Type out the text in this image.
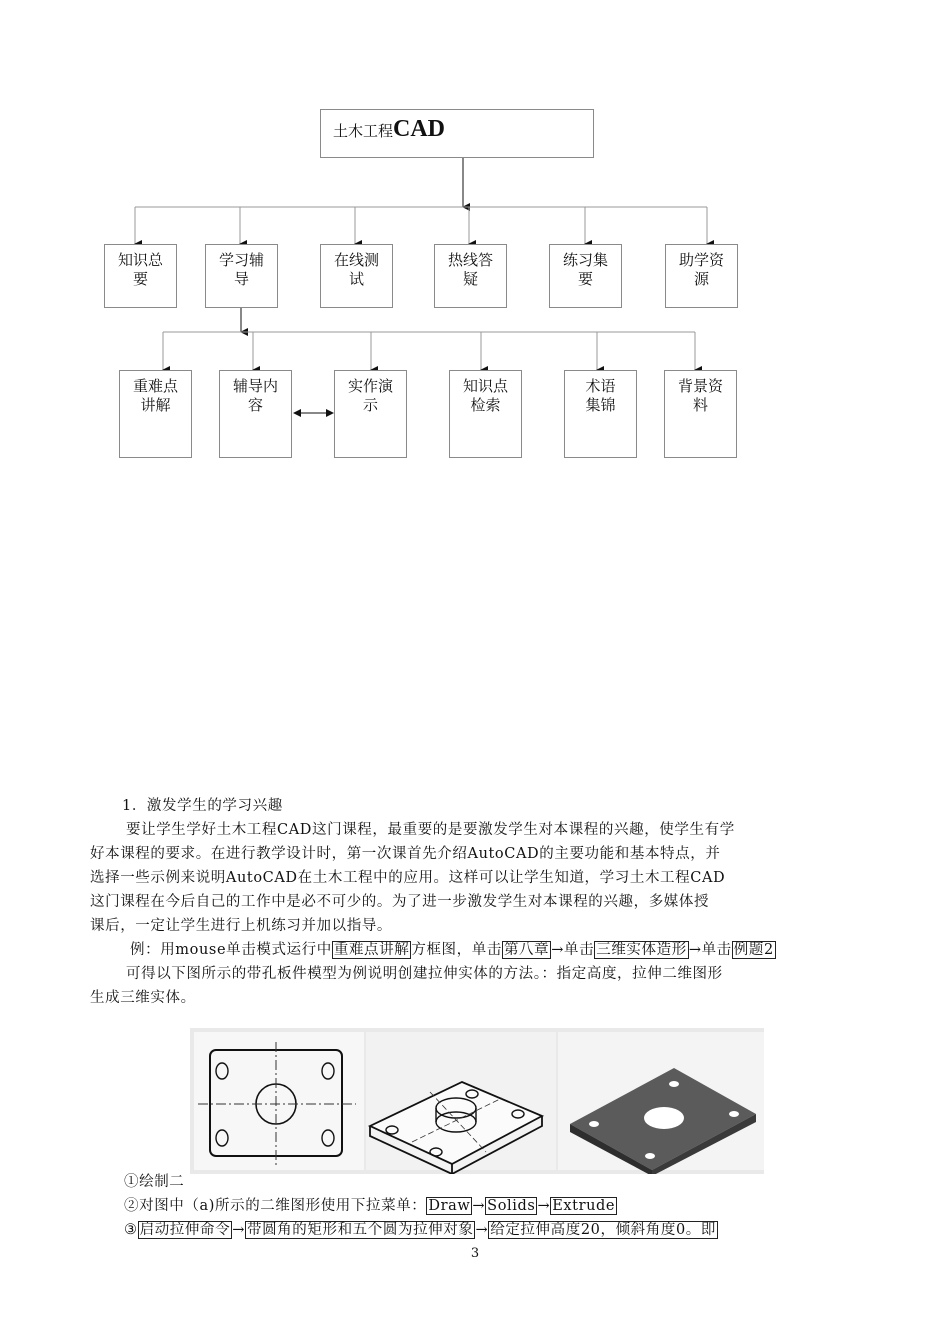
土木工程CAD
知识总
要
学习辅
导
在线测
试
热线答
疑
练习集
要
助学资
源
重难点
讲解
辅导内
容
实作演
示
知识点
检索
术语
集锦
背景资
料
1．激发学生的学习兴趣
要让学生学好土木工程CAD这门课程，最重要的是要激发学生对本课程的兴趣，使学生有学
好本课程的要求。在进行教学设计时，第一次课首先介绍AutoCAD的主要功能和基本特点，并
选择一些示例来说明AutoCAD在土木工程中的应用。这样可以让学生知道，学习土木工程CAD
这门课程在今后自己的工作中是必不可少的。为了进一步激发学生对本课程的兴趣，多媒体授
课后，一定让学生进行上机练习并加以指导。
例：用mouse单击模式运行中 重难点讲解 方框图，单击 第八章 →单击 三维实体造形 →单击 例题2
可得以下图所示的带孔板件模型为例说明创建拉伸实体的方法。：指定高度，拉伸二维图形
生成三维实体。
①绘制二
②对图中（a)所示的二维图形使用下拉菜单： Draw → Solids → Extrude
③ 启动拉伸命令 → 带圆角的矩形和五个圆为拉伸对象 → 给定拉伸高度20，倾斜角度0。即
3
